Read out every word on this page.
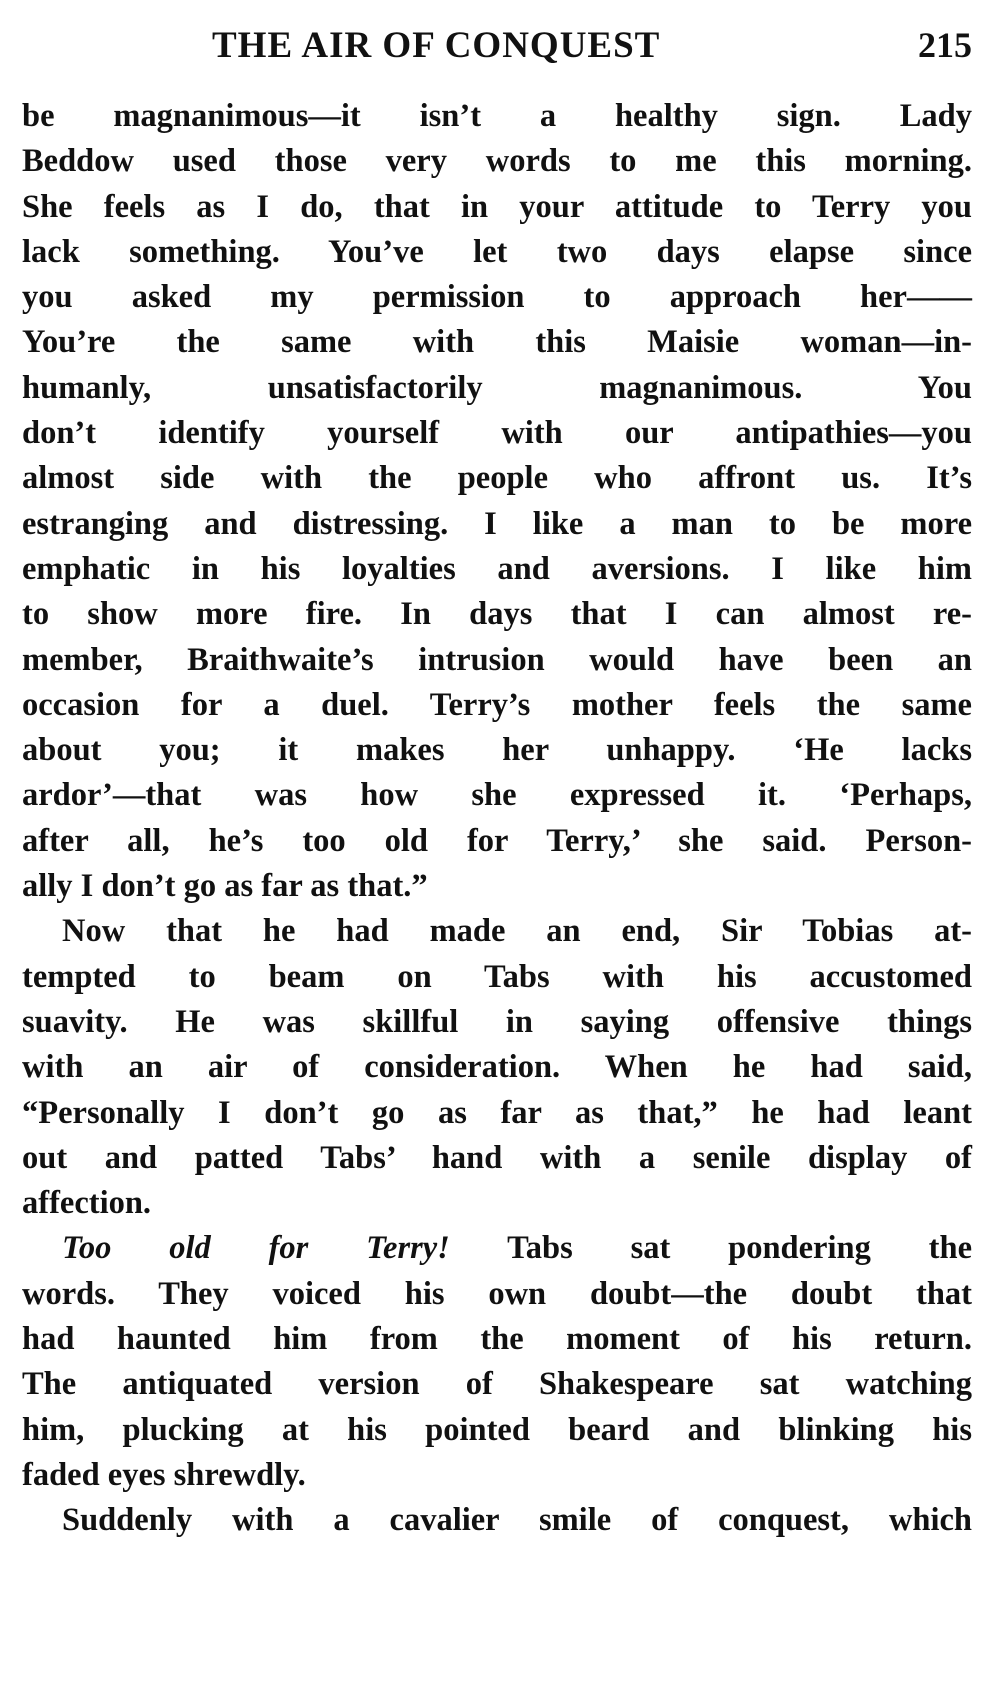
THE AIR OF CONQUEST	215
be magnanimous—it isn’t a healthy sign. Lady
Beddow used those very words to me this morning.
She feels as I do, that in your attitude to Terry you
lack something. You’ve let two days elapse since
you asked my permission to approach her——
You’re the same with this Maisie woman—in-
humanly, unsatisfactorily magnanimous. You
don’t identify yourself with our antipathies—you
almost side with the people who affront us. It’s
estranging and distressing. I like a man to be more
emphatic in his loyalties and aversions. I like him
to show more fire. In days that I can almost re-
member, Braithwaite’s intrusion would have been an
occasion for a duel. Terry’s mother feels the same
about you; it makes her unhappy. ‘He lacks
ardor’—that was how she expressed it. ‘Perhaps,
after all, he’s too old for Terry,’ she said. Person-
ally I don’t go as far as that.”
Now that he had made an end, Sir Tobias at-
tempted to beam on Tabs with his accustomed
suavity. He was skillful in saying offensive things
with an air of consideration. When he had said,
“Personally I don’t go as far as that,” he had leant
out and patted Tabs’ hand with a senile display of
affection.
Too old for Terry! Tabs sat pondering the
words. They voiced his own doubt—the doubt that
had haunted him from the moment of his return.
The antiquated version of Shakespeare sat watching
him, plucking at his pointed beard and blinking his
faded eyes shrewdly.
Suddenly with a cavalier smile of conquest, which
